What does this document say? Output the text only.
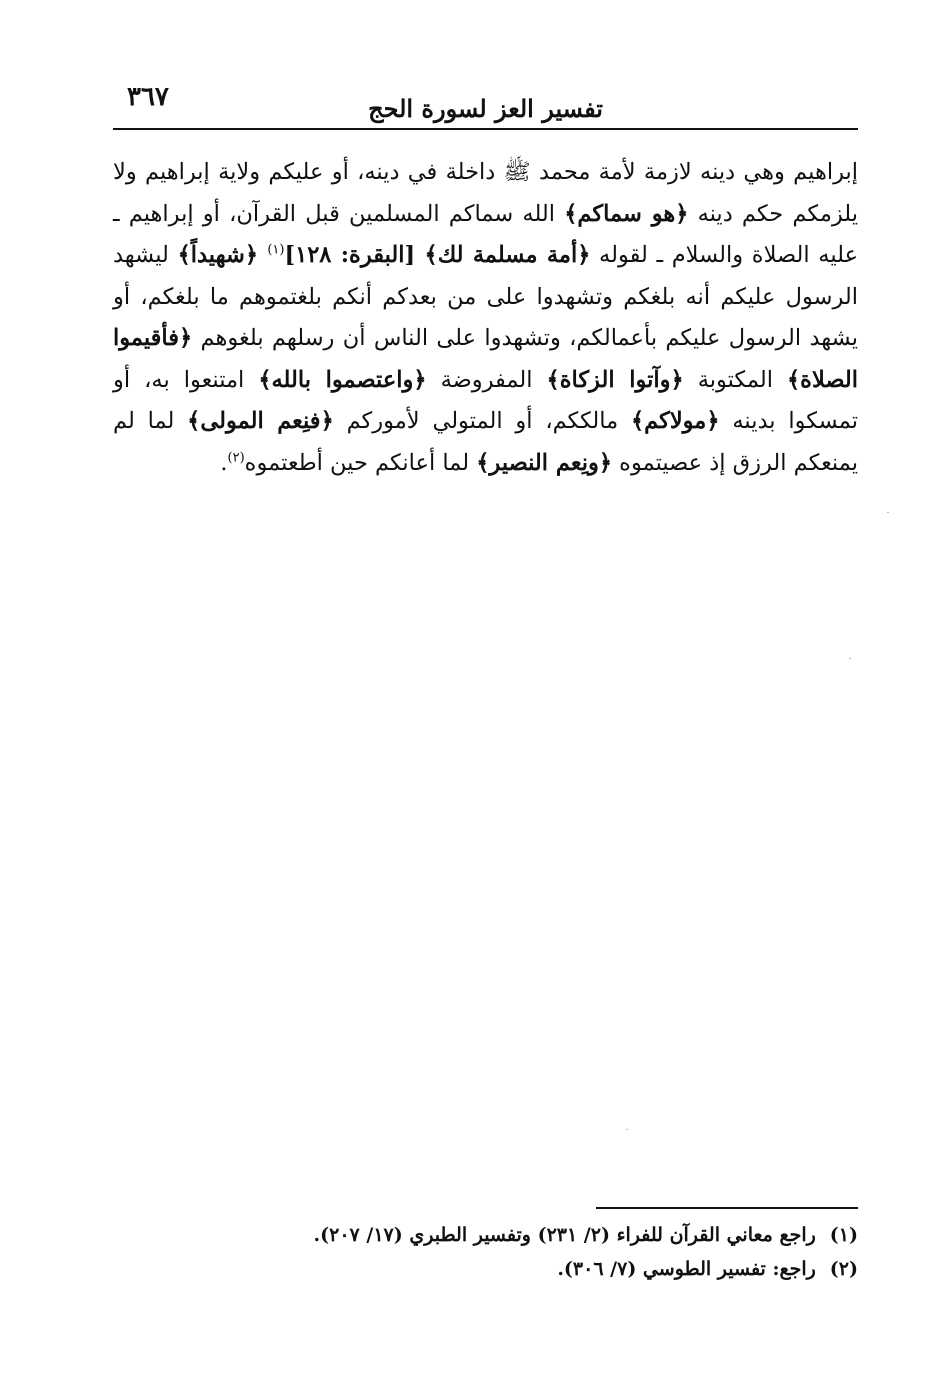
٣٦٧	تفسير العز لسورة الحج

إبراهيم وهي دينه لازمة لأمة محمد ﷺ داخلة في دينه، أو عليكم ولاية إبراهيم ولا يلزمكم حكم دينه ﴿هو سماكم﴾ الله سماكم المسلمين قبل القرآن، أو إبراهيم ـ عليه الصلاة والسلام ـ لقوله ﴿أمة مسلمة لك﴾ [البقرة: ١٢٨]$^{(١)}$ ﴿شهيداً﴾ ليشهد الرسول عليكم أنه بلغكم وتشهدوا على من بعدكم أنكم بلغتموهم ما بلغكم، أو يشهد الرسول عليكم بأعمالكم، وتشهدوا على الناس أن رسلهم بلغوهم ﴿فأقيموا الصلاة﴾ المكتوبة ﴿وآتوا الزكاة﴾ المفروضة ﴿واعتصموا بالله﴾ امتنعوا به، أو تمسكوا بدينه ﴿مولاكم﴾ مالككم، أو المتولي لأموركم ﴿فنِعم المولى﴾ لما لم يمنعكم الرزق إذ عصيتموه ﴿ونِعم النصير﴾ لما أعانكم حين أطعتموه$^{(٢)}$.

(١)
راجع معاني القرآن للفراء (٢/ ٢٣١) وتفسير الطبري (١٧/ ٢٠٧).
(٢)
راجع: تفسير الطوسي (٧/ ٣٠٦).
